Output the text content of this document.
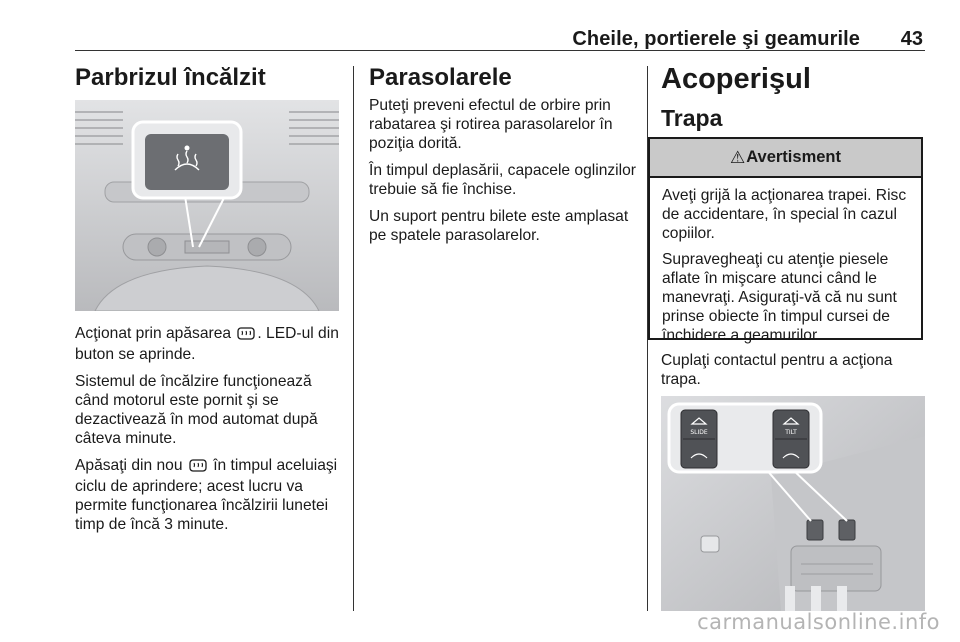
Cheile, portierele şi geamurile 43
Parbrizul încălzit

Acţionat prin apăsarea . LED-ul din buton se aprinde.

Sistemul de încălzire funcţionează când motorul este pornit şi se dezactivează în mod automat după câteva minute.

Apăsaţi din nou în timpul aceluiaşi ciclu de aprindere; acest lucru va permite funcţionarea încălzirii lunetei timp de încă 3 minute.

Parasolarele

Puteţi preveni efectul de orbire prin rabatarea şi rotirea parasolarelor în poziţia dorită.

În timpul deplasării, capacele oglinzilor trebuie să fie închise.

Un suport pentru bilete este amplasat pe spatele parasolarelor.

Acoperişul
Trapa
⚠ Avertisment

Aveţi grijă la acţionarea trapei. Risc de accidentare, în special în cazul copiilor.

Supravegheaţi cu atenţie piesele aflate în mişcare atunci când le manevraţi. Asiguraţi-vă că nu sunt prinse obiecte în timpul cursei de închidere a geamurilor.

Cuplaţi contactul pentru a acţiona trapa.

SLIDE	TILT
carmanualsonline.info
